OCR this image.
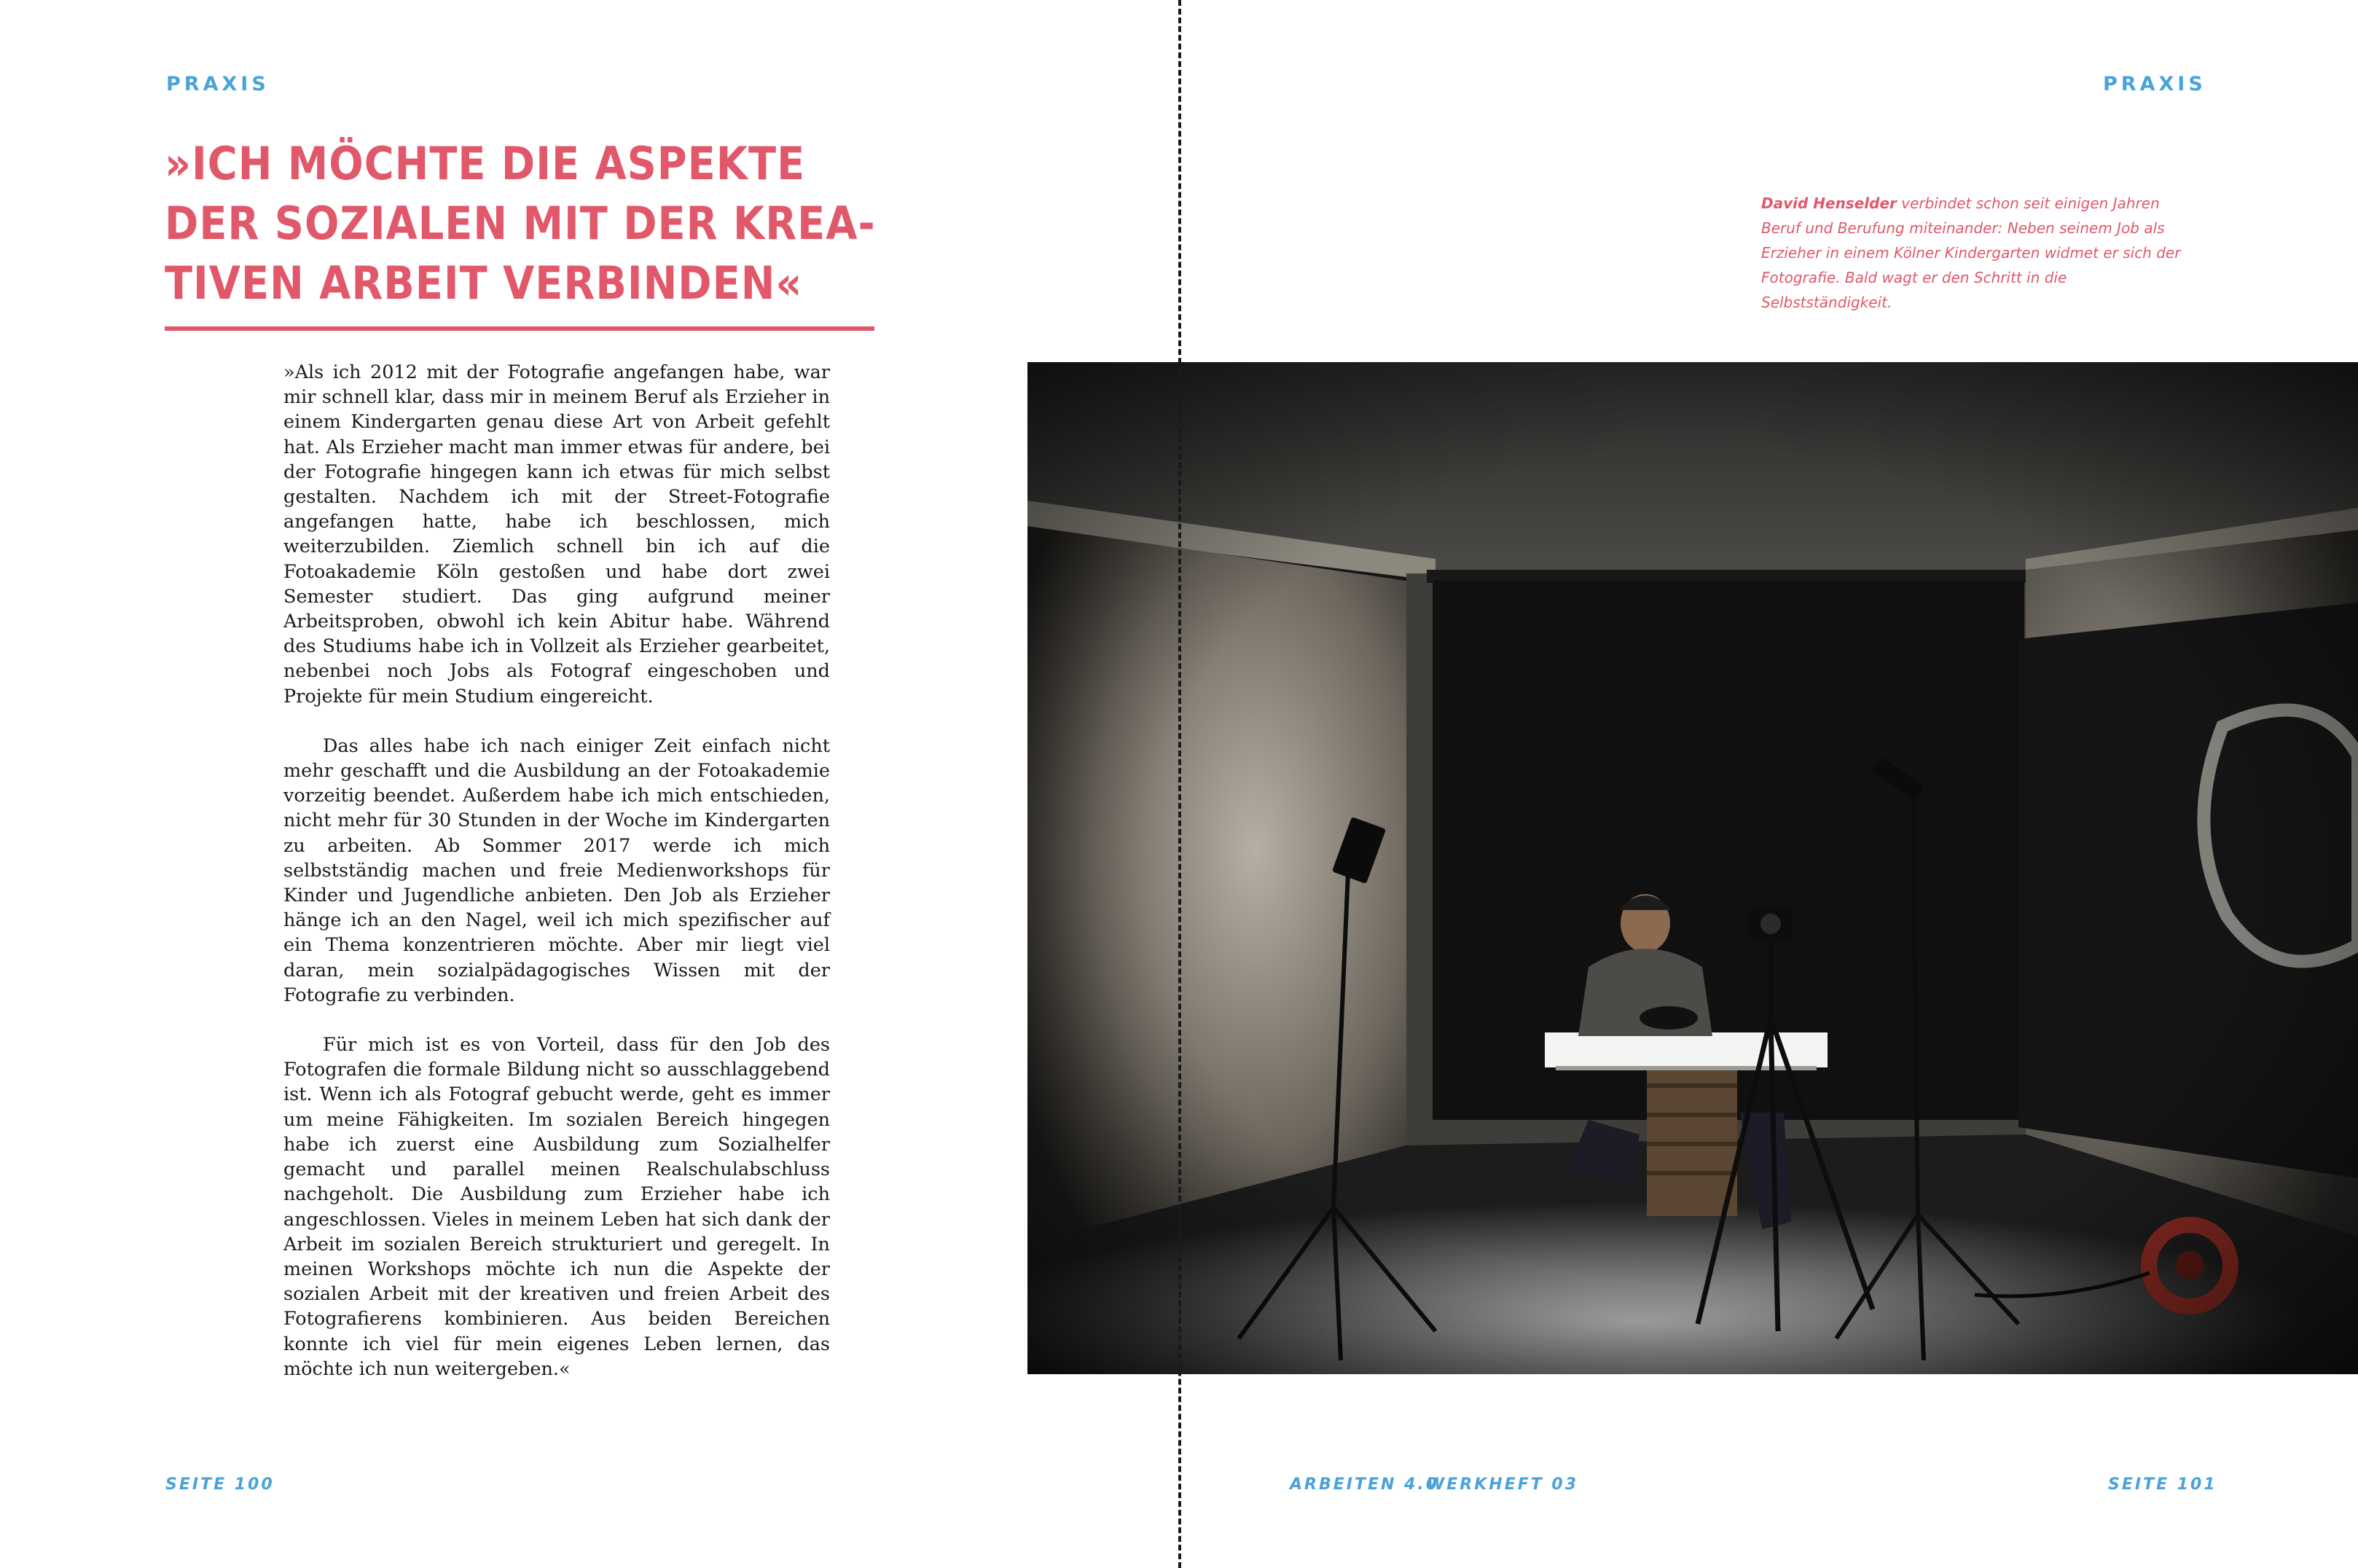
PRAXIS
»ICH MÖCHTE DIE ASPEKTE
DER SOZIALEN MIT DER KREA-
TIVEN ARBEIT VERBINDEN«

»Als ich 2012 mit der Fotografie angefangen habe, war mir schnell klar, dass mir in meinem Beruf als Erzieher in einem Kindergarten genau diese Art von Arbeit gefehlt hat. Als Erzieher macht man immer etwas für andere, bei der Fotografie hingegen kann ich etwas für mich selbst gestalten. Nachdem ich mit der Street-Fotografie angefangen hatte, habe ich beschlossen, mich weiterzubilden. Ziemlich schnell bin ich auf die Fotoakademie Köln gestoßen und habe dort zwei Semester studiert. Das ging aufgrund meiner Arbeitsproben, obwohl ich kein Abitur habe. Während des Studiums habe ich in Vollzeit als Erzieher gearbeitet, nebenbei noch Jobs als Fotograf eingeschoben und Projekte für mein Studium eingereicht.

Das alles habe ich nach einiger Zeit einfach nicht mehr geschafft und die Ausbildung an der Fotoakademie vorzeitig beendet. Außerdem habe ich mich entschieden, nicht mehr für 30 Stunden in der Woche im Kindergarten zu arbeiten. Ab Sommer 2017 werde ich mich selbstständig machen und freie Medienworkshops für Kinder und Jugendliche anbieten. Den Job als Erzieher hänge ich an den Nagel, weil ich mich spezifischer auf ein Thema konzentrieren möchte. Aber mir liegt viel daran, mein sozialpädagogisches Wissen mit der Fotografie zu verbinden.

Für mich ist es von Vorteil, dass für den Job des Fotografen die formale Bildung nicht so ausschlaggebend ist. Wenn ich als Fotograf gebucht werde, geht es immer um meine Fähigkeiten. Im sozialen Bereich hingegen habe ich zuerst eine Ausbildung zum Sozialhelfer gemacht und parallel meinen Realschulabschluss nachgeholt. Die Ausbildung zum Erzieher habe ich angeschlossen. Vieles in meinem Leben hat sich dank der Arbeit im sozialen Bereich strukturiert und geregelt. In meinen Workshops möchte ich nun die Aspekte der sozialen Arbeit mit der kreativen und freien Arbeit des Fotografierens kombinieren. Aus beiden Bereichen konnte ich viel für mein eigenes Leben lernen, das möchte ich nun weitergeben.«

SEITE 100
PRAXIS
David Henselder verbindet schon seit einigen Jahren Beruf und Berufung miteinander: Neben seinem Job als Erzieher in einem Kölner Kindergarten widmet er sich der Fotografie. Bald wagt er den Schritt in die Selbstständigkeit.
ARBEITEN 4.0
WERKHEFT 03	SEITE 101
